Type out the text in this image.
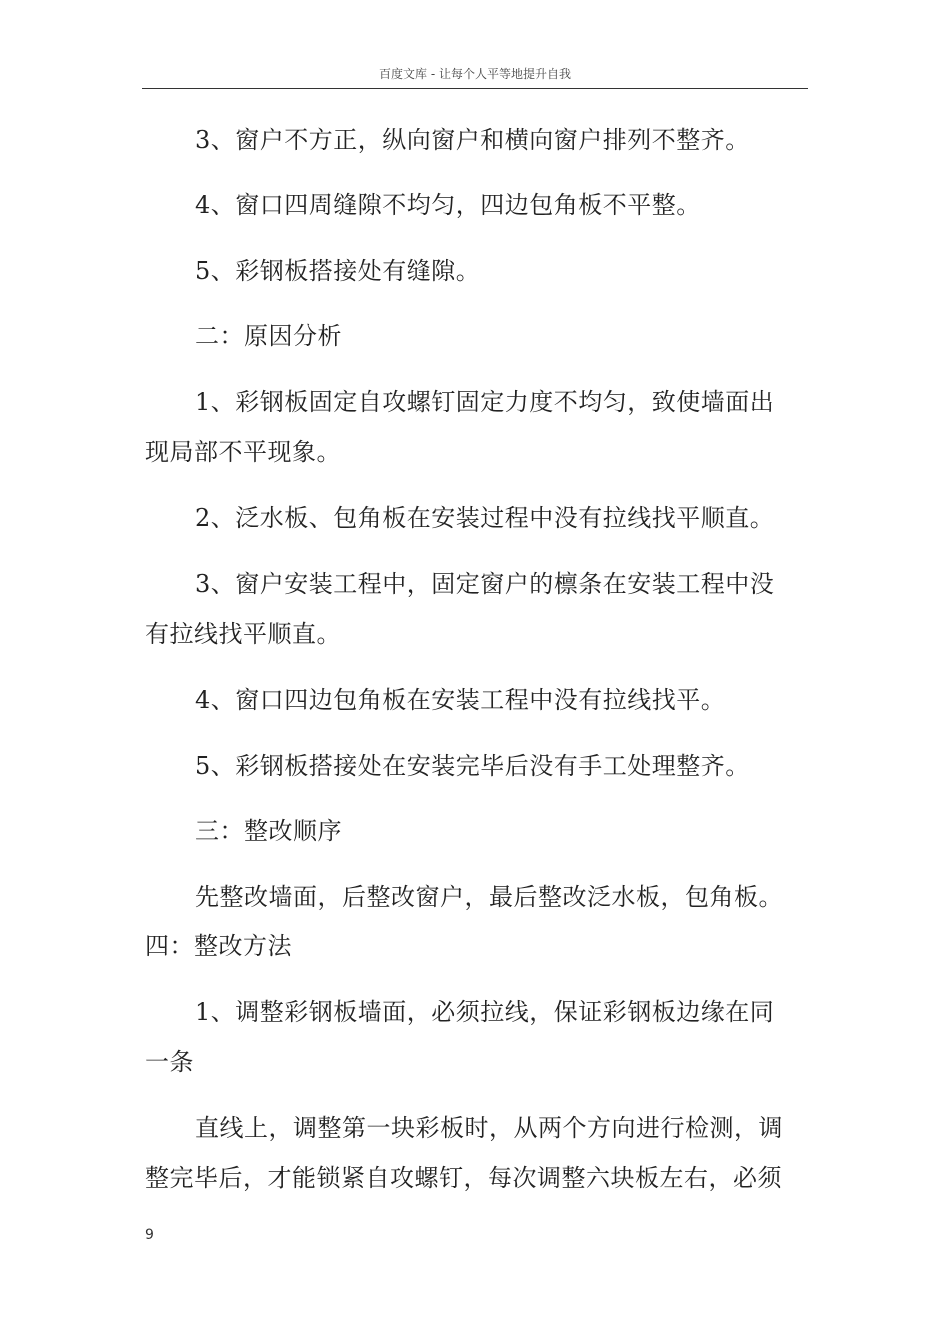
百度文库 - 让每个人平等地提升自我
3、窗户不方正，纵向窗户和横向窗户排列不整齐。
4、窗口四周缝隙不均匀，四边包角板不平整。
5、彩钢板搭接处有缝隙。
二：原因分析
1、彩钢板固定自攻螺钉固定力度不均匀，致使墙面出
现局部不平现象。
2、泛水板、包角板在安装过程中没有拉线找平顺直。
3、窗户安装工程中，固定窗户的檩条在安装工程中没
有拉线找平顺直。
4、窗口四边包角板在安装工程中没有拉线找平。
5、彩钢板搭接处在安装完毕后没有手工处理整齐。
三：整改顺序
先整改墙面，后整改窗户，最后整改泛水板，包角板。
四：整改方法
1、调整彩钢板墙面，必须拉线，保证彩钢板边缘在同
一条
直线上，调整第一块彩板时，从两个方向进行检测，调
整完毕后，才能锁紧自攻螺钉，每次调整六块板左右，必须
9
